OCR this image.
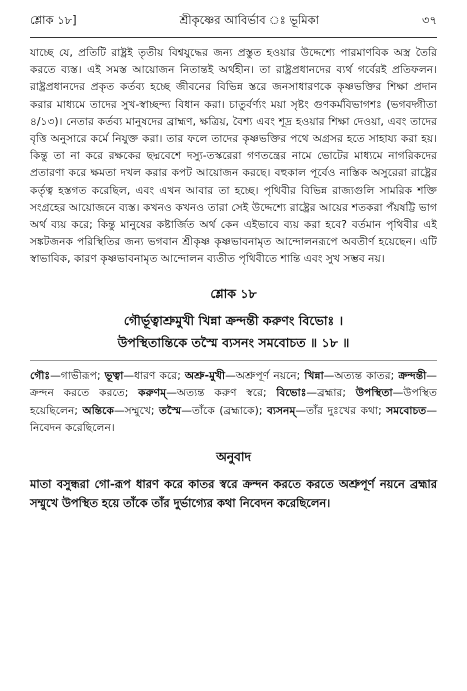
শ্লোক ১৮]	শ্রীকৃষ্ণের আবির্ভাব ঃ ভূমিকা	৩৭
যাচ্ছে যে, প্রতিটি রাষ্ট্রই তৃতীয় বিশ্বযুদ্ধের জন্য প্রস্তুত হওয়ার উদ্দেশ্যে পারমাণবিক অস্ত্র তৈরি করতে ব্যস্ত। এই সমস্ত আয়োজন নিতান্তই অর্থহীন। তা রাষ্ট্রপ্রধানদের ব্যর্থ গর্বেরই প্রতিফলন। রাষ্ট্রপ্রধানদের প্রকৃত কর্তব্য হচ্ছে জীবনের বিভিন্ন স্তরে জনসাধারণকে কৃষ্ণভক্তির শিক্ষা প্রদান করার মাধ্যমে তাদের সুখ-স্বাচ্ছন্দ্য বিধান করা। চাতুর্বর্ণ্যং ময়া সৃষ্টং গুণকর্মবিভাগশঃ (ভগবদ্গীতা ৪/১৩)। নেতার কর্তব্য মানুষদের ব্রাহ্মণ, ক্ষত্রিয়, বৈশ্য এবং শূদ্র হওয়ার শিক্ষা দেওয়া, এবং তাদের বৃত্তি অনুসারে কর্মে নিযুক্ত করা। তার ফলে তাদের কৃষ্ণভক্তির পথে অগ্রসর হতে সাহায্য করা হয়। কিন্তু তা না করে রক্ষকের ছদ্মবেশে দস্যু-তস্করেরা গণতন্ত্রের নামে ভোটের মাধ্যমে নাগরিকদের প্রতারণা করে ক্ষমতা দখল করার কপট আয়োজন করছে। বহুকাল পূর্বেও নাস্তিক অসুরেরা রাষ্ট্রের কর্তৃত্ব হস্তগত করেছিল, এবং এখন আবার তা হচ্ছে। পৃথিবীর বিভিন্ন রাজ্যগুলি সামরিক শক্তি সংগ্রহের আয়োজনে ব্যস্ত। কখনও কখনও তারা সেই উদ্দেশ্যে রাষ্ট্রের আয়ের শতকরা পঁয়ষট্টি ভাগ অর্থ ব্যয় করে; কিন্তু মানুষের কষ্টার্জিত অর্থ কেন এইভাবে ব্যয় করা হবে? বর্তমান পৃথিবীর এই সঙ্কটজনক পরিস্থিতির জন্য ভগবান শ্রীকৃষ্ণ কৃষ্ণভাবনামৃত আন্দোলনরূপে অবতীর্ণ হয়েছেন। এটি স্বাভাবিক, কারণ কৃষ্ণভাবনামৃত আন্দোলন ব্যতীত পৃথিবীতে শান্তি এবং সুখ সম্ভব নয়।
শ্লোক ১৮
গৌর্ভূত্বাশ্রুমুখী খিন্না ক্রন্দন্তী করুণং বিভোঃ ।
উপস্থিতান্তিকে তস্মৈ ব্যসনং সমবোচত ॥ ১৮ ॥
গৌঃ—গাভীরূপ; ভূত্বা—ধারণ করে; অশ্রু-মুখী—অশ্রুপূর্ণ নয়নে; খিন্না—অত্যন্ত কাতর; ক্রন্দন্তী—ক্রন্দন করতে করতে; করুণম্—অত্যন্ত করুণ স্বরে; বিভোঃ—ব্রহ্মার; উপস্থিতা—উপস্থিত হয়েছিলেন; অন্তিকে—সম্মুখে; তস্মৈ—তাঁকে (ব্রহ্মাকে); ব্যসনম্—তাঁর দুঃখের কথা; সমবোচত—নিবেদন করেছিলেন।
অনুবাদ
মাতা বসুন্ধরা গো-রূপ ধারণ করে কাতর স্বরে ক্রন্দন করতে করতে অশ্রুপূর্ণ নয়নে ব্রহ্মার সম্মুখে উপস্থিত হয়ে তাঁকে তাঁর দুর্ভাগ্যের কথা নিবেদন করেছিলেন।
